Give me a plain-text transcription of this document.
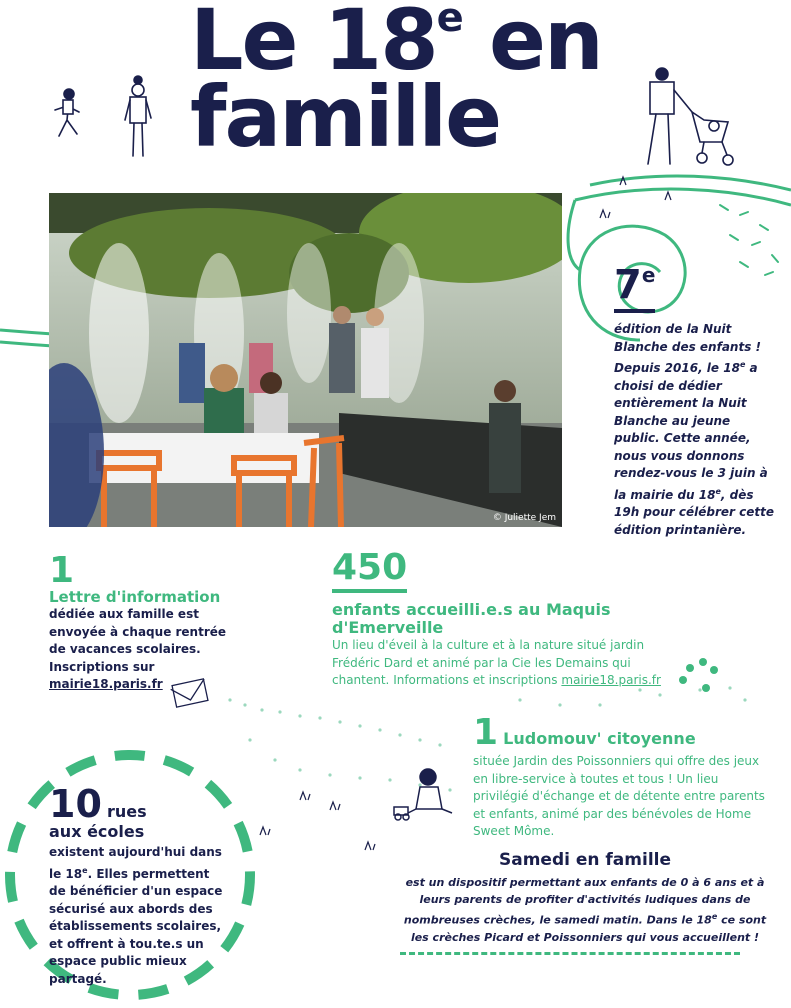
Le 18e en
famille
© Juliette Jem
7e
édition de la Nuit Blanche des enfants ! Depuis 2016, le 18e a choisi de dédier entièrement la Nuit Blanche au jeune public. Cette année, nous vous donnons rendez-vous le 3 juin à la mairie du 18e, dès 19h pour célébrer cette édition printanière.
1
Lettre d'information
dédiée aux famille est envoyée à chaque rentrée de vacances scolaires. Inscriptions sur
mairie18.paris.fr
450
enfants accueilli.e.s au Maquis d'Emerveille
Un lieu d'éveil à la culture et à la nature situé jardin Frédéric Dard et animé par la Cie les Demains qui chantent. Informations et inscriptions mairie18.paris.fr
1 Ludomouv' citoyenne
située Jardin des Poissonniers qui offre des jeux en libre-service à toutes et tous ! Un lieu privilégié d'échange et de détente entre parents et enfants, animé par des bénévoles de Home Sweet Môme.
10 rues
aux écoles
existent aujourd'hui dans le 18e. Elles permettent de bénéficier d'un espace sécurisé aux abords des établissements scolaires, et offrent à tou.te.s un espace public mieux partagé.
Samedi en famille
est un dispositif permettant aux enfants de 0 à 6 ans et à leurs parents de profiter d'activités ludiques dans de nombreuses crèches, le samedi matin. Dans le 18e ce sont les crèches Picard et Poissonniers qui vous accueillent !
